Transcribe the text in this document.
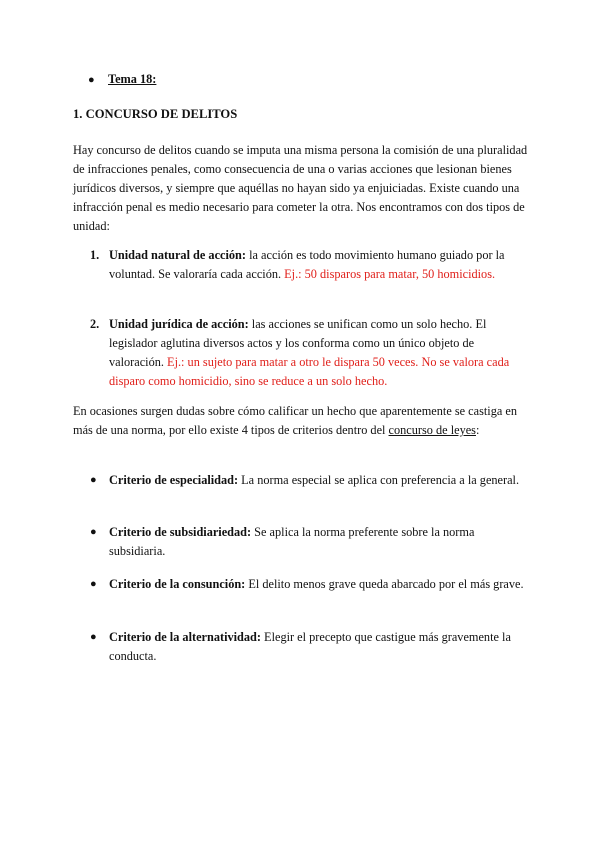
●	Tema 18:
1. CONCURSO DE DELITOS
Hay concurso de delitos cuando se imputa una misma persona la comisión de una pluralidad de infracciones penales, como consecuencia de una o varias acciones que lesionan bienes jurídicos diversos, y siempre que aquéllas no hayan sido ya enjuiciadas. Existe cuando una infracción penal es medio necesario para cometer la otra. Nos encontramos con dos tipos de unidad:
1. Unidad natural de acción: la acción es todo movimiento humano guiado por la voluntad. Se valoraría cada acción. Ej.: 50 disparos para matar, 50 homicidios.
2. Unidad jurídica de acción: las acciones se unifican como un solo hecho. El legislador aglutina diversos actos y los conforma como un único objeto de valoración. Ej.: un sujeto para matar a otro le dispara 50 veces. No se valora cada disparo como homicidio, sino se reduce a un solo hecho.
En ocasiones surgen dudas sobre cómo calificar un hecho que aparentemente se castiga en más de una norma, por ello existe 4 tipos de criterios dentro del concurso de leyes:
● Criterio de especialidad: La norma especial se aplica con preferencia a la general.
● Criterio de subsidiariedad: Se aplica la norma preferente sobre la norma subsidiaria.
● Criterio de la consunción: El delito menos grave queda abarcado por el más grave.
● Criterio de la alternatividad: Elegir el precepto que castigue más gravemente la conducta.
